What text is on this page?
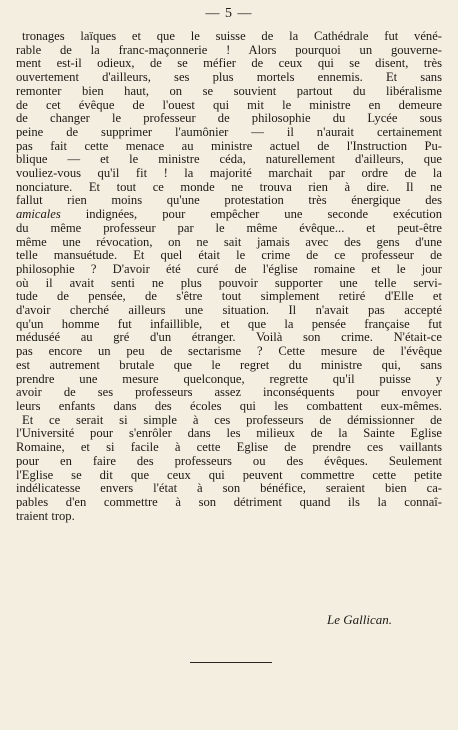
— 5 —
tronages laïques et que le suisse de la Cathédrale fut véné-
rable de la franc-maçonnerie ! Alors pourquoi un gouverne-
ment est-il odieux, de se méfier de ceux qui se disent, très
ouvertement d'ailleurs, ses plus mortels ennemis. Et sans
remonter bien haut, on se souvient partout du libéralisme
de cet évêque de l'ouest qui mit le ministre en demeure
de changer le professeur de philosophie du Lycée sous
peine de supprimer l'aumônier — il n'aurait certainement
pas fait cette menace au ministre actuel de l'Instruction Pu-
blique — et le ministre céda, naturellement d'ailleurs, que
vouliez-vous qu'il fit ! la majorité marchait par ordre de la
nonciature. Et tout ce monde ne trouva rien à dire. Il ne
fallut rien moins qu'une protestation très énergique des
amicales indignées, pour empêcher une seconde exécution
du même professeur par le même évêque... et peut-être
même une révocation, on ne sait jamais avec des gens d'une
telle mansuétude. Et quel était le crime de ce professeur de
philosophie ? D'avoir été curé de l'église romaine et le jour
où il avait senti ne plus pouvoir supporter une telle servi-
tude de pensée, de s'être tout simplement retiré d'Elle et
d'avoir cherché ailleurs une situation. Il n'avait pas accepté
qu'un homme fut infaillible, et que la pensée française fut
méduséé au gré d'un étranger. Voilà son crime. N'était-ce
pas encore un peu de sectarisme ? Cette mesure de l'évêque
est autrement brutale que le regret du ministre qui, sans
prendre une mesure quelconque, regrette qu'il puisse y
avoir de ses professeurs assez inconséquents pour envoyer
leurs enfants dans des écoles qui les combattent eux-mêmes.
Et ce serait si simple à ces professeurs de démissionner de
l'Université pour s'enrôler dans les milieux de la Sainte Eglise
Romaine, et si facile à cette Eglise de prendre ces vaillants
pour en faire des professeurs ou des évêques. Seulement
l'Eglise se dit que ceux qui peuvent commettre cette petite
indélicatesse envers l'état à son bénéfice, seraient bien ca-
pables d'en commettre à son détriment quand ils la connaî-
traient trop.
Le Gallican.
